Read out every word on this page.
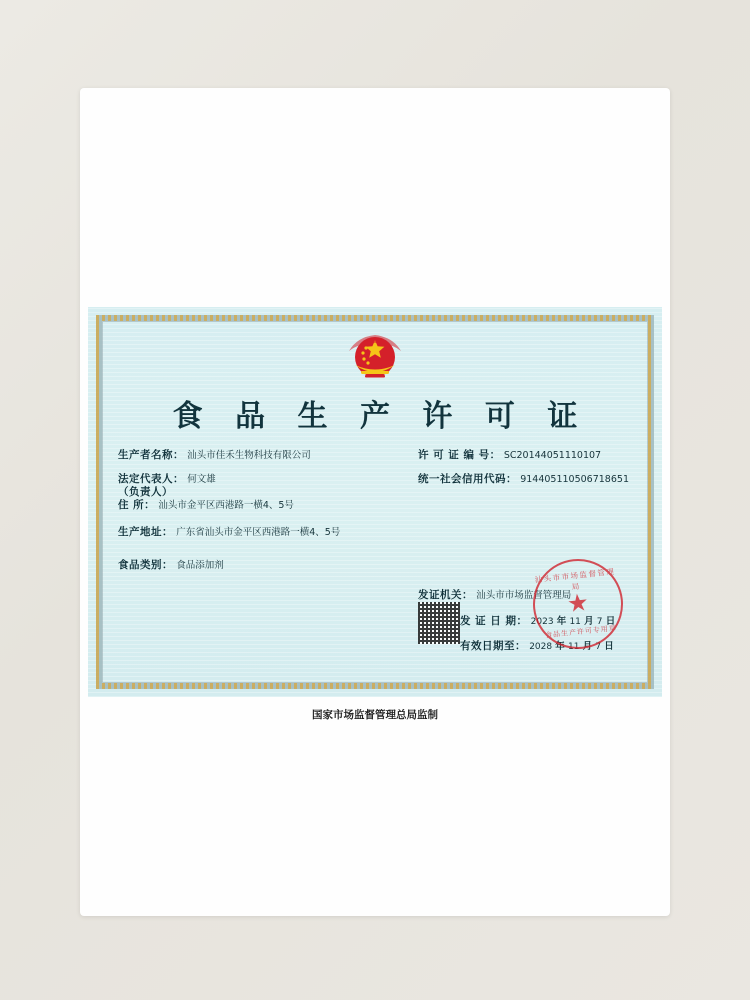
食 品 生 产 许 可 证
生产者名称： 汕头市佳禾生物科技有限公司
法定代表人： 何文雄
（负责人）
住 所： 汕头市金平区西港路一横4、5号
生产地址： 广东省汕头市金平区西港路一横4、5号
食品类别： 食品添加剂
许 可 证 编 号： SC20144051110107
统一社会信用代码： 914405110506718651
发证机关： 汕头市市场监督管理局
发 证 日 期： 2023 年 11 月 7 日
有效日期至： 2028 年 11 月 7 日
汕头市市场监督管理局
★
食品生产许可专用章
国家市场监督管理总局监制
